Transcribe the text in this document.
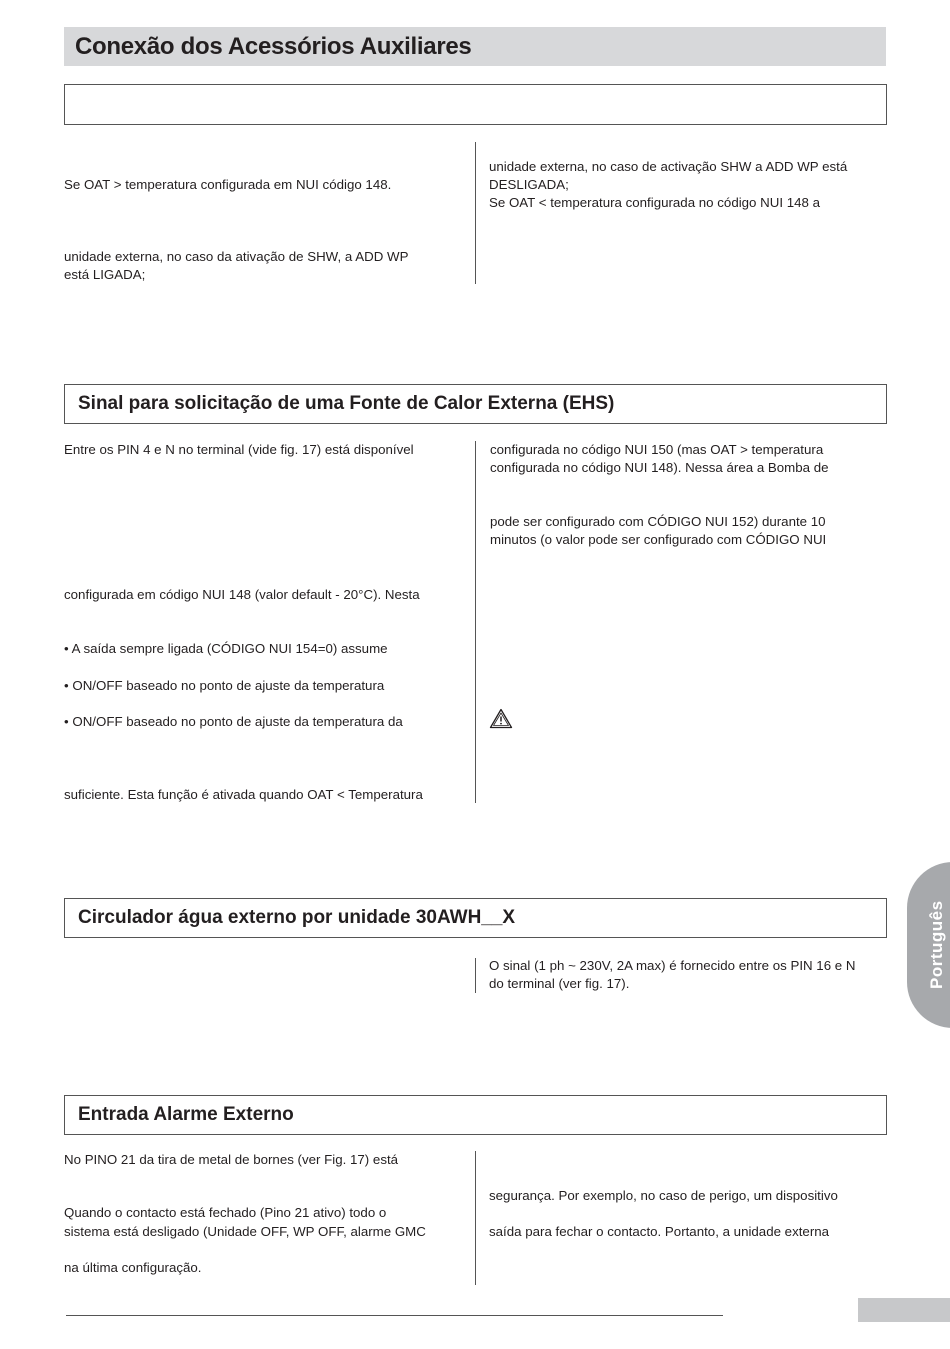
Conexão dos Acessórios Auxiliares
Se OAT > temperatura configurada em NUI código 148.
unidade externa, no caso da ativação de SHW, a ADD WP
está LIGADA;
unidade externa, no caso de activação SHW a ADD WP está
DESLIGADA;
Se OAT < temperatura configurada no código NUI 148 a
Sinal para solicitação de uma Fonte de Calor Externa (EHS)
Entre os PIN 4 e N no terminal (vide fig. 17) está disponível
configurada em código NUI 148 (valor default - 20°C). Nesta
• A saída sempre ligada (CÓDIGO NUI 154=0) assume
• ON/OFF baseado no ponto de ajuste da temperatura
• ON/OFF baseado no ponto de ajuste da temperatura da
suficiente. Esta função é ativada quando OAT < Temperatura
configurada no código NUI 150 (mas OAT > temperatura
configurada no código NUI 148). Nessa área a Bomba de
pode ser configurado com CÓDIGO NUI 152) durante 10
minutos (o valor pode ser configurado com CÓDIGO NUI
Circulador água externo por unidade 30AWH__X
O sinal (1 ph ~ 230V, 2A max) é fornecido entre os PIN 16 e N
do terminal (ver fig. 17).
Entrada Alarme Externo
No PINO 21 da tira de metal de bornes (ver Fig. 17) está
Quando o contacto está fechado (Pino 21 ativo) todo o
sistema está desligado (Unidade OFF, WP OFF, alarme GMC
na última configuração.
segurança. Por exemplo, no caso de perigo, um dispositivo
saída para fechar o contacto. Portanto, a unidade externa
Português
